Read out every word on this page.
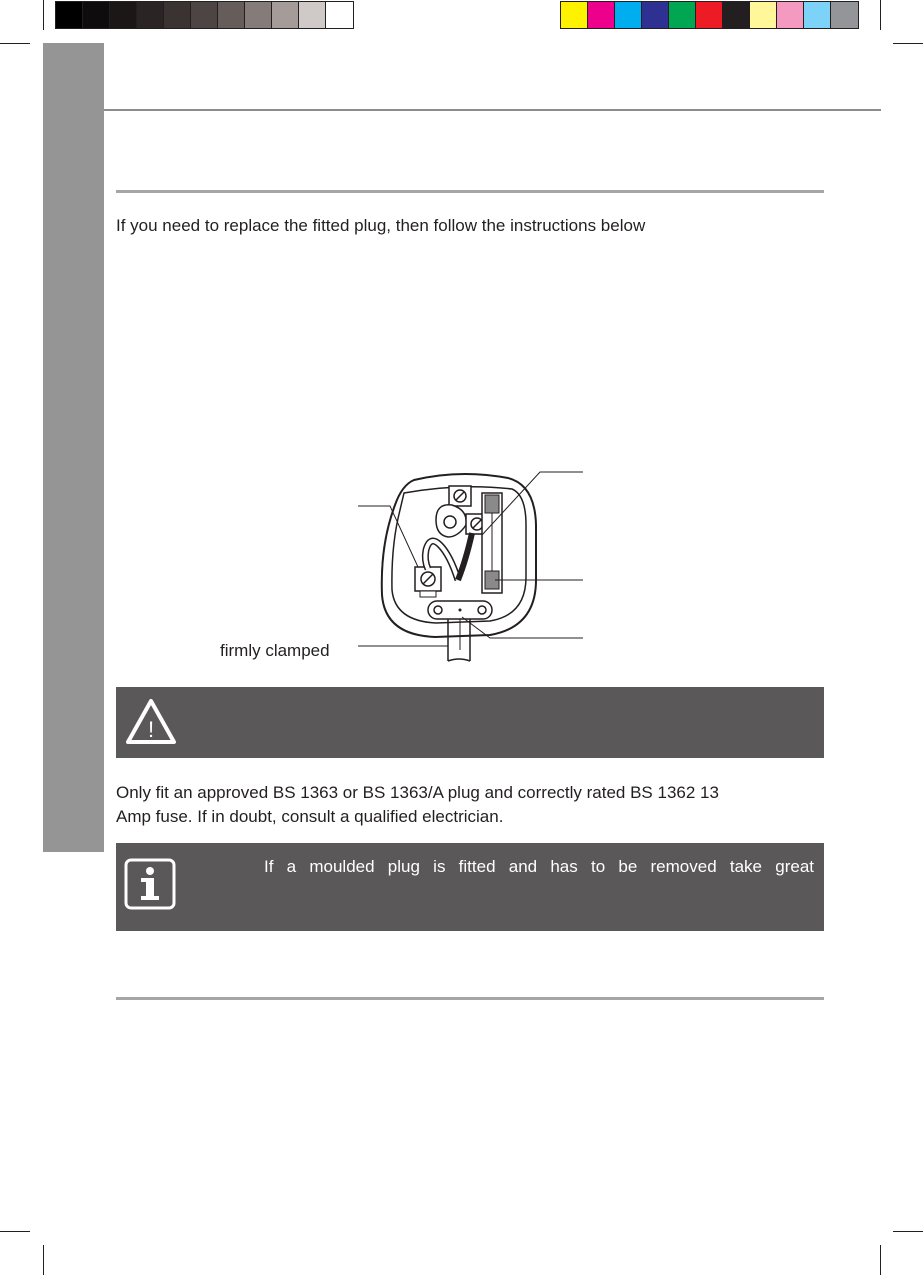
If you need to replace the fitted plug, then follow the instructions below
firmly clamped
!
Only fit an approved BS 1363 or BS 1363/A plug and correctly rated BS 1362 13
Amp fuse. If in doubt, consult a qualified electrician.
If a moulded plug is fitted and has to be removed take great
